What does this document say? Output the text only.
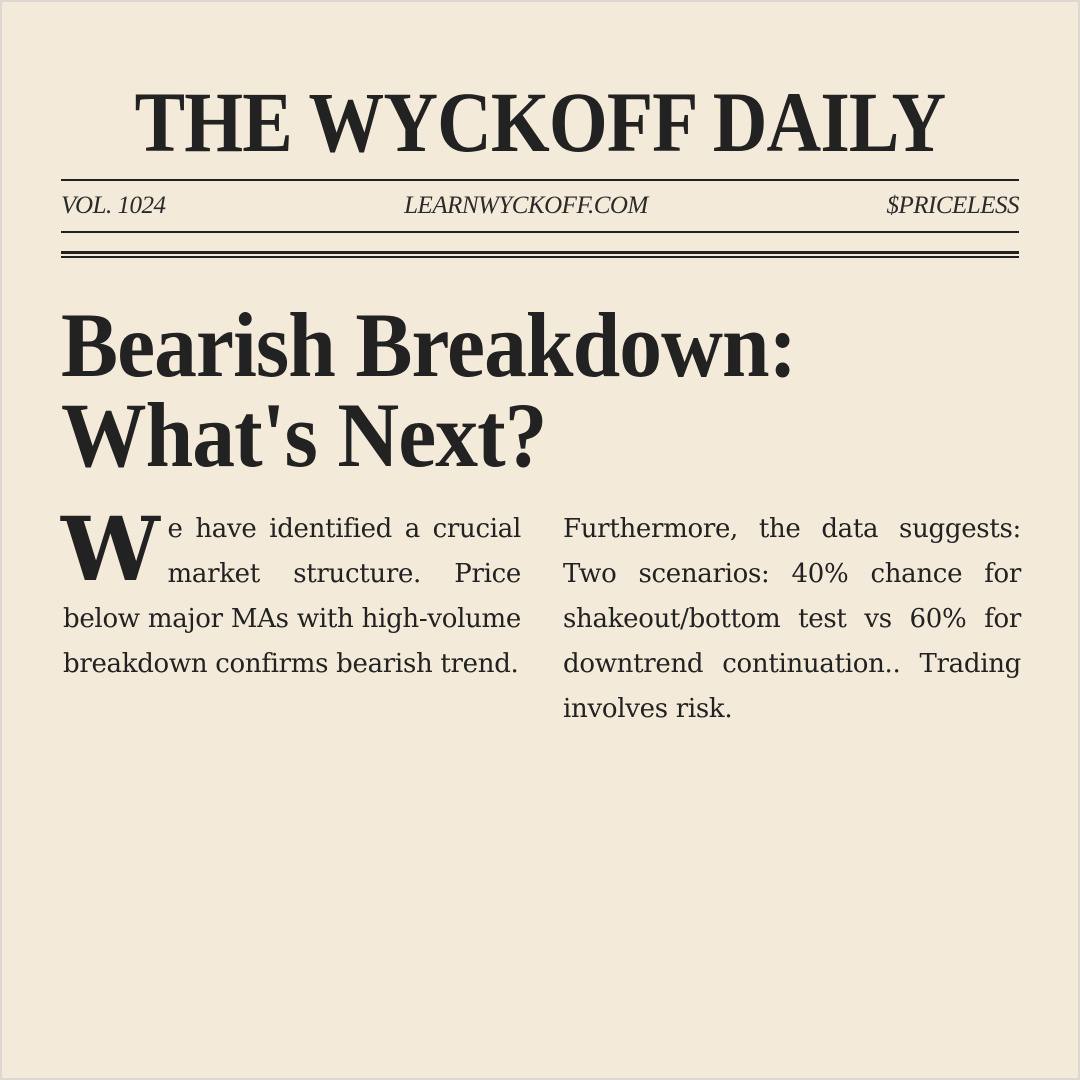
THE WYCKOFF DAILY
VOL. 1024	LEARNWYCKOFF.COM	$PRICELESS
Bearish Breakdown:
What's Next?
We have identified a crucial market structure. Price below major MAs with high-volume breakdown confirms bearish trend.
Furthermore, the data suggests: Two scenarios: 40% chance for shakeout/bottom test vs 60% for downtrend continuation.. Trading involves risk.
